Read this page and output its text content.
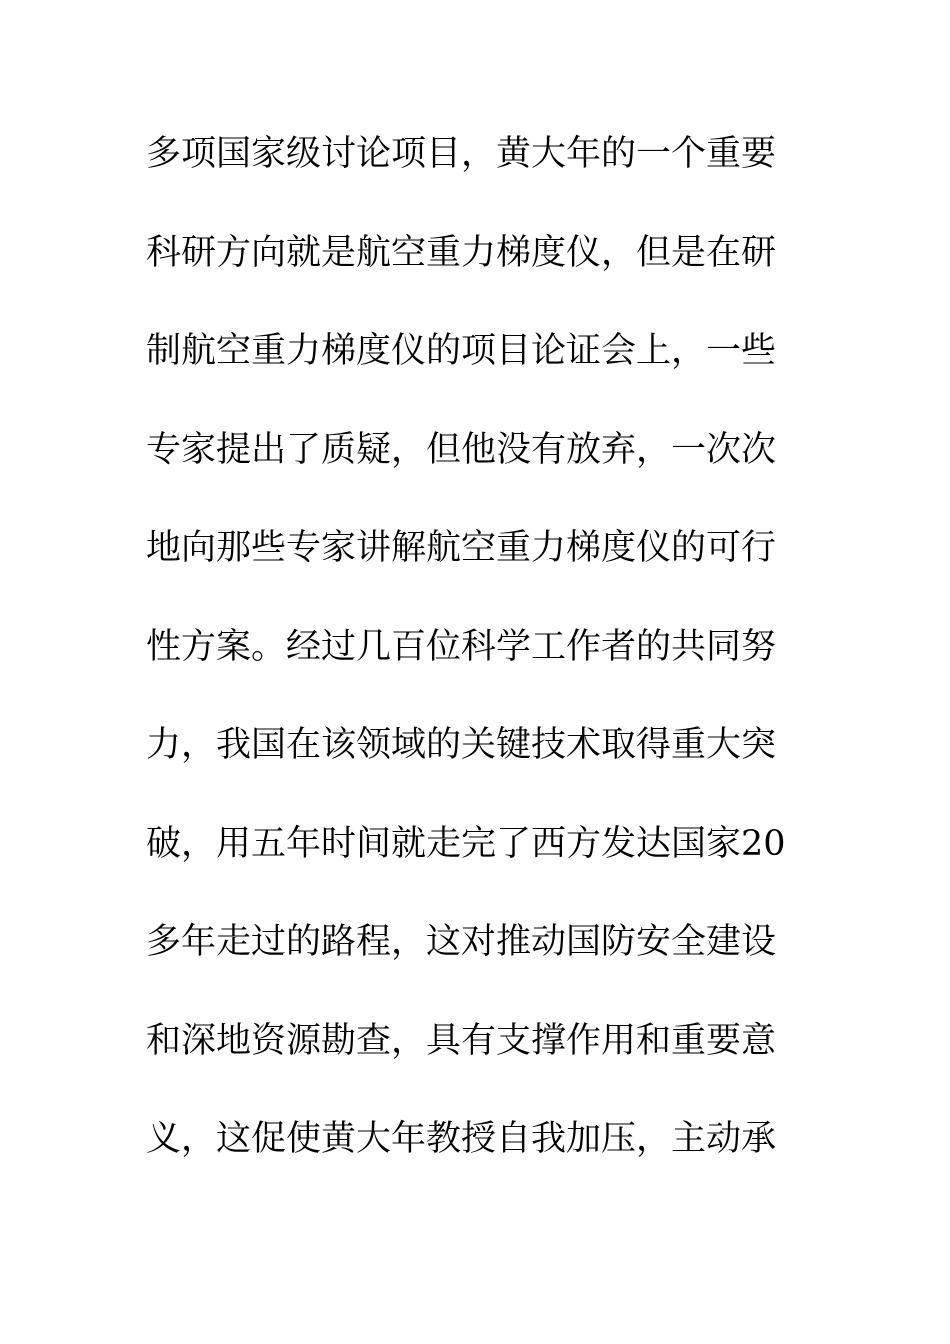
多项国家级讨论项目，黄大年的一个重要
科研方向就是航空重力梯度仪，但是在研
制航空重力梯度仪的项目论证会上，一些
专家提出了质疑，但他没有放弃，一次次
地向那些专家讲解航空重力梯度仪的可行
性方案。经过几百位科学工作者的共同努
力，我国在该领域的关键技术取得重大突
破，用五年时间就走完了西方发达国家20
多年走过的路程，这对推动国防安全建设
和深地资源勘查，具有支撑作用和重要意
义，这促使黄大年教授自我加压，主动承
